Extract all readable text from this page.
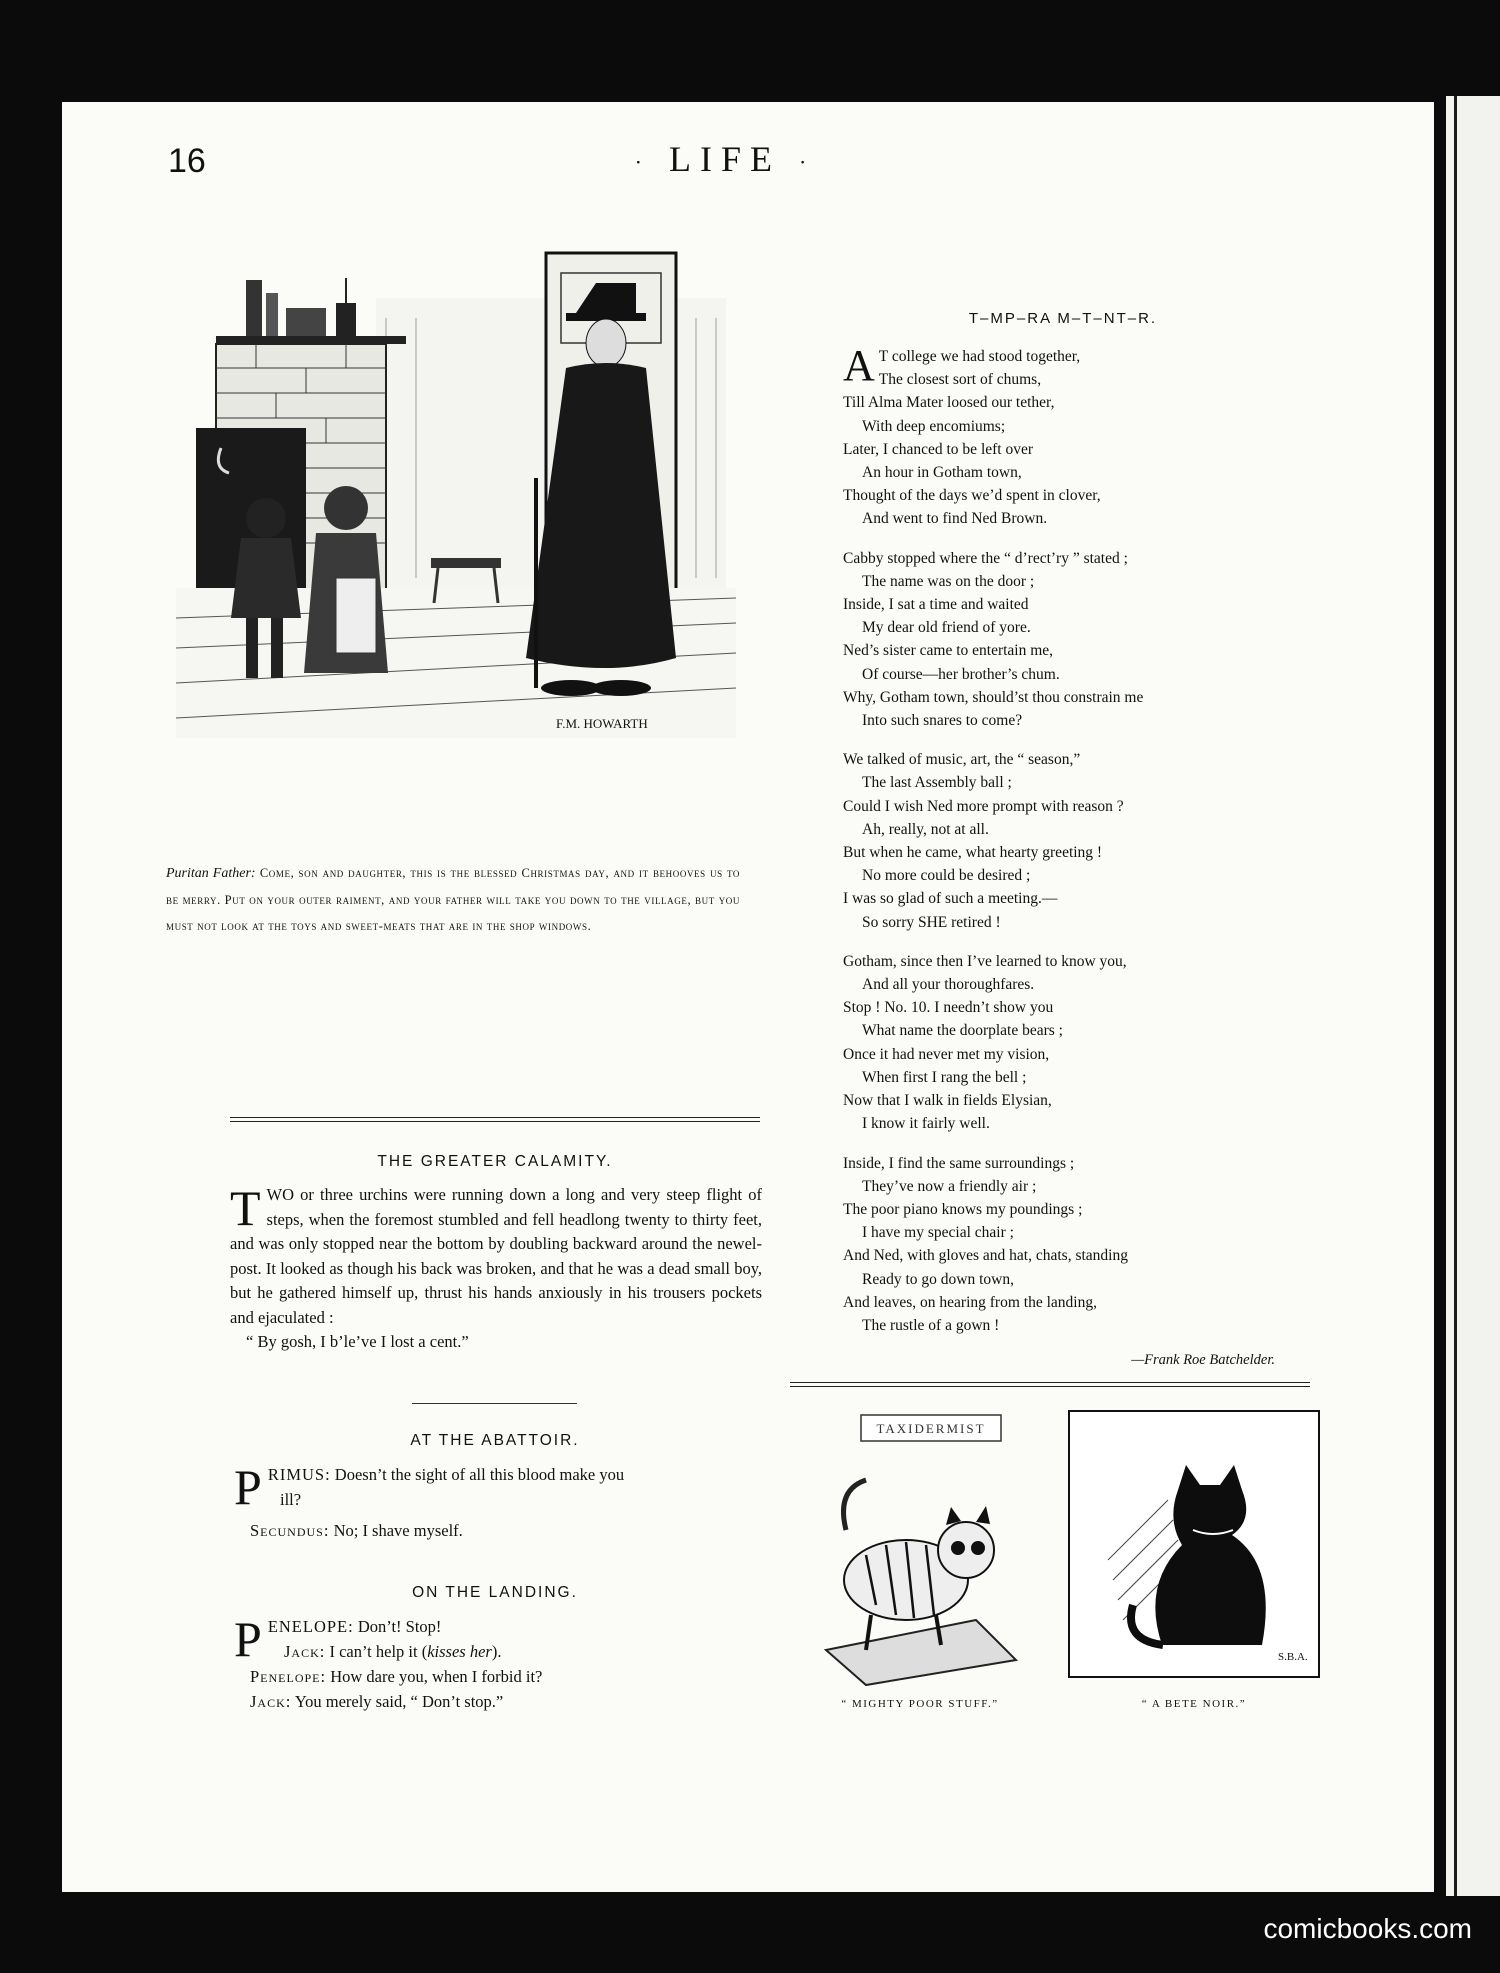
16	· LIFE ·
F.M. HOWARTH
Puritan Father: Come, son and daughter, this is the blessed Christmas day, and it behooves us to be merry. Put on your outer raiment, and your father will take you down to the village, but you must not look at the toys and sweet-meats that are in the shop windows.
THE GREATER CALAMITY.

TWO or three urchins were running down a long and very steep flight of steps, when the foremost stumbled and fell headlong twenty to thirty feet, and was only stopped near the bottom by doubling backward around the newel-post. It looked as though his back was broken, and that he was a dead small boy, but he gathered himself up, thrust his hands anxiously in his trousers pockets and ejaculated :

“ By gosh, I b’le’ve I lost a cent.”

AT THE ABATTOIR.
P RIMUS: Doesn’t the sight of all this blood make you
ill?
Secundus: No; I shave myself.
ON THE LANDING.
P ENELOPE: Don’t! Stop!
Jack: I can’t help it (kisses her).
Penelope: How dare you, when I forbid it?
Jack: You merely said, “ Don’t stop.”
T–MP–RA M–T–NT–R.
A T college we had stood together,
The closest sort of chums,
Till Alma Mater loosed our tether,
With deep encomiums;
Later, I chanced to be left over
An hour in Gotham town,
Thought of the days we’d spent in clover,
And went to find Ned Brown.
Cabby stopped where the “ d’rect’ry ” stated ;
The name was on the door ;
Inside, I sat a time and waited
My dear old friend of yore.
Ned’s sister came to entertain me,
Of course—her brother’s chum.
Why, Gotham town, should’st thou constrain me
Into such snares to come?
We talked of music, art, the “ season,”
The last Assembly ball ;
Could I wish Ned more prompt with reason ?
Ah, really, not at all.
But when he came, what hearty greeting !
No more could be desired ;
I was so glad of such a meeting.—
So sorry SHE retired !
Gotham, since then I’ve learned to know you,
And all your thoroughfares.
Stop ! No. 10. I needn’t show you
What name the doorplate bears ;
Once it had never met my vision,
When first I rang the bell ;
Now that I walk in fields Elysian,
I know it fairly well.
Inside, I find the same surroundings ;
They’ve now a friendly air ;
The poor piano knows my poundings ;
I have my special chair ;
And Ned, with gloves and hat, chats, standing
Ready to go down town,
And leaves, on hearing from the landing,
The rustle of a gown !
—Frank Roe Batchelder.
TAXIDERMIST
“ MIGHTY POOR STUFF.”
S.B.A.
“ A BETE NOIR.”
comicbooks.com
